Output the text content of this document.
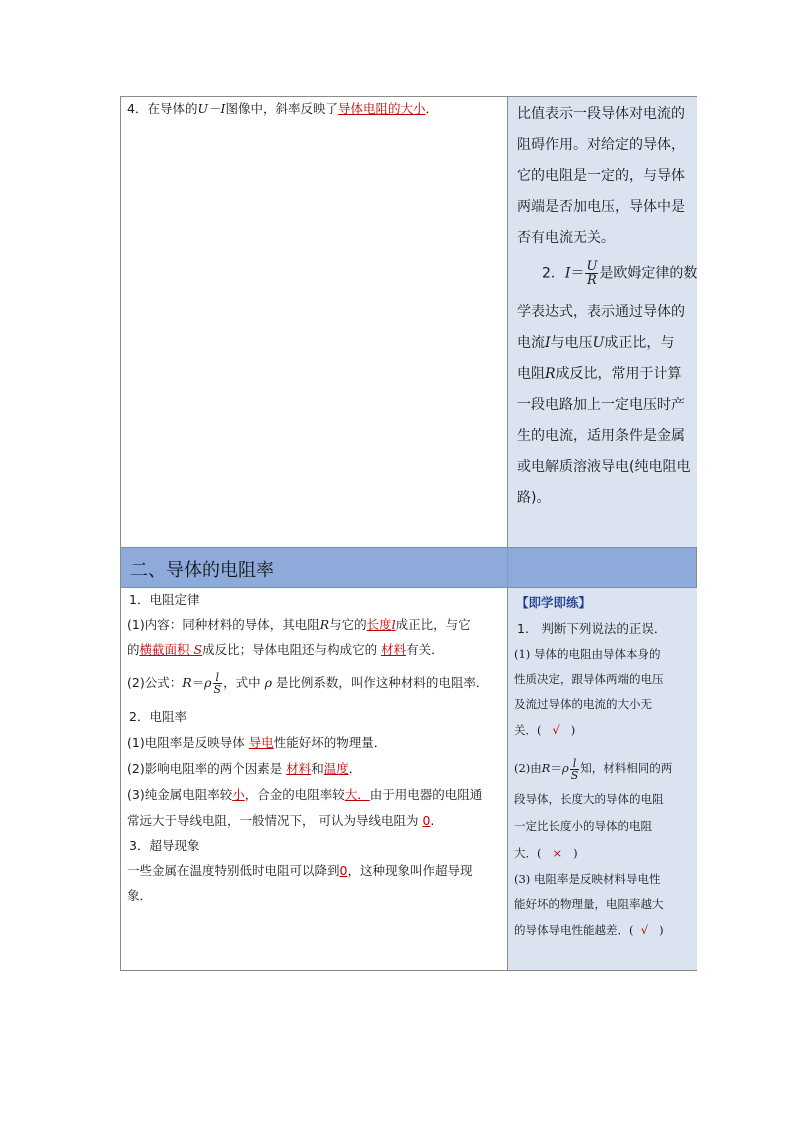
4．在导体的U－I图像中，斜率反映了导体电阻的大小．	比值表示一段导体对电流的
阻碍作用。对给定的导体，
它的电阻是一定的，与导体
两端是否加电压，导体中是
否有电流无关。
2．$I= \frac{U}{R}$ 是欧姆定律的数
学表达式，表示通过导体的
电流I与电压U成正比，与
电阻R成反比，常用于计算
一段电路加上一定电压时产
生的电流，适用条件是金属
或电解质溶液导电(纯电阻电
路)。
二、导体的电阻率
1．电阻定律
(1)内容：同种材料的导体，其电阻R与它的长度l成正比，与它
的横截面积 S成反比；导体电阻还与构成它的 材料有关．
(2)公式：$R=\rho \frac{l}{S}$ ，式中 ρ 是比例系数，叫作这种材料的电阻率．
2．电阻率
(1)电阻率是反映导体 导电性能好坏的物理量．
(2)影响电阻率的两个因素是 材料和温度．
(3)纯金属电阻率较小，合金的电阻率较大．由于用电器的电阻通
常远大于导线电阻，一般情况下， 可认为导线电阻为 0.
3．超导现象
一些金属在温度特别低时电阻可以降到0，这种现象叫作超导现
象．
【即学即练】
1.　判断下列说法的正误．
(1) 导体的电阻由导体本身的
性质决定，跟导体两端的电压
及流过导体的电流的大小无
关．( √ )
(2)由$R=\rho \frac{l}{S}$ 知，材料相同的两
段导体，长度大的导体的电阻
一定比长度小的导体的电阻
大．( × )
(3) 电阻率是反映材料导电性
能好坏的物理量，电阻率越大
的导体导电性能越差．( √ )
